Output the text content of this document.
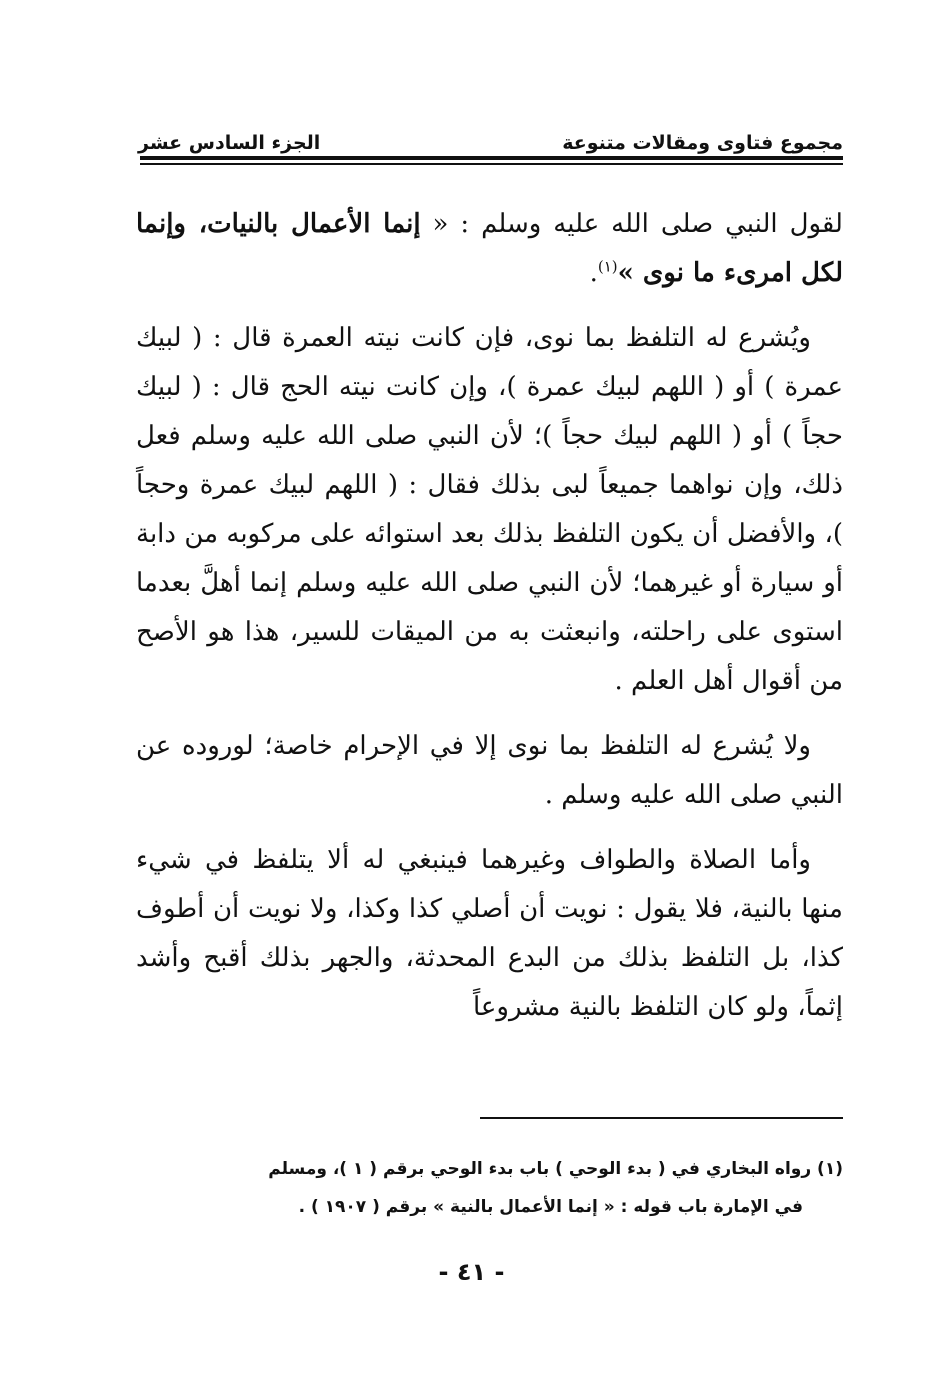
مجموع فتاوى ومقالات متنوعة
الجزء السادس عشر

لقول النبي صلى الله عليه وسلم : « إنما الأعمال بالنيات، وإنما لكل امرىء ما نوى »$^{(١)}$.

ويُشرع له التلفظ بما نوى، فإن كانت نيته العمرة قال : ( لبيك عمرة ) أو ( اللهم لبيك عمرة )، وإن كانت نيته الحج قال : ( لبيك حجاً ) أو ( اللهم لبيك حجاً )؛ لأن النبي صلى الله عليه وسلم فعل ذلك، وإن نواهما جميعاً لبى بذلك فقال : ( اللهم لبيك عمرة وحجاً )، والأفضل أن يكون التلفظ بذلك بعد استوائه على مركوبه من دابة أو سيارة أو غيرهما؛ لأن النبي صلى الله عليه وسلم إنما أهلَّ بعدما استوى على راحلته، وانبعثت به من الميقات للسير، هذا هو الأصح من أقوال أهل العلم .

ولا يُشرع له التلفظ بما نوى إلا في الإحرام خاصة؛ لوروده عن النبي صلى الله عليه وسلم .

وأما الصلاة والطواف وغيرهما فينبغي له ألا يتلفظ في شيء منها بالنية، فلا يقول : نويت أن أصلي كذا وكذا، ولا نويت أن أطوف كذا، بل التلفظ بذلك من البدع المحدثة، والجهر بذلك أقبح وأشد إثماً، ولو كان التلفظ بالنية مشروعاً

(١) رواه البخاري في ( بدء الوحي ) باب بدء الوحي برقم ( ١ )، ومسلم
في الإمارة باب قوله : « إنما الأعمال بالنية » برقم ( ١٩٠٧ ) .
- ٤١ -
